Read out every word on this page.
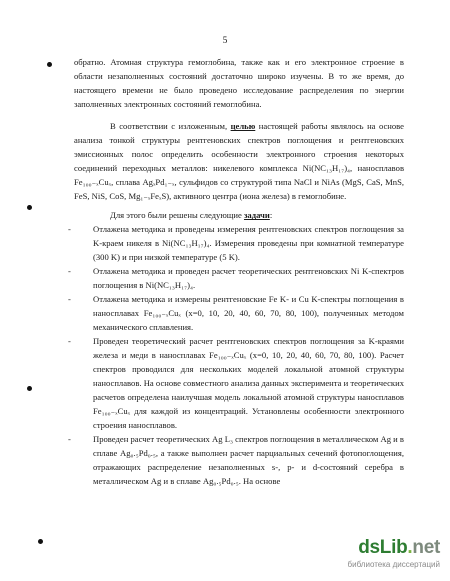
5

обратно. Атомная структура гемоглобина, также как и его электронное строение в области незаполненных состояний достаточно широко изучены. В то же время, до настоящего времени не было проведено исследование распределения по энергии заполненных электронных состояний гемоглобина.

В соответствии с изложенным, целью настоящей работы являлось на основе анализа тонкой структуры рентгеновских спектров поглощения и рентгеновских эмиссионных полос определить особенности электронного строения некоторых соединений переходных металлов: никелевого комплекса Ni(NC₁₃H₁₇)₄, наносплавов Fe₁₀₀₋ₓCuₓ, сплава AgₓPd₁₋ₓ, сульфидов со структурой типа NaCl и NiAs (MgS, CaS, MnS, FeS, NiS, CoS, Mg₁₋ₓFeₓS), активного центра (иона железа) в гемоглобине.

Для этого были решены следующие задачи:

-	Отлажена методика и проведены измерения рентгеновских спектров поглощения за K-краем никеля в Ni(NC₁₃H₁₇)₄. Измерения проведены при комнатной температуре (300 K) и при низкой температуре (5 K).
-	Отлажена методика и проведен расчет теоретических рентгеновских Ni K-спектров поглощения в Ni(NC₁₃H₁₇)₄.
-	Отлажена методика и измерены рентгеновские Fe K- и Cu K-спектры поглощения в наносплавах Fe₁₀₀₋ₓCuₓ (x=0, 10, 20, 40, 60, 70, 80, 100), полученных методом механического сплавления.
-	Проведен теоретический расчет рентгеновских спектров поглощения за K-краями железа и меди в наносплавах Fe₁₀₀₋ₓCuₓ (x=0, 10, 20, 40, 60, 70, 80, 100). Расчет спектров проводился для нескольких моделей локальной атомной структуры наносплавов. На основе совместного анализа данных эксперимента и теоретических расчетов определена наилучшая модель локальной атомной структуры наносплавов Fe₁₀₀₋ₓCuₓ для каждой из концентраций. Установлены особенности электронного строения наносплавов.
-	Проведен расчет теоретических Ag L₃ спектров поглощения в металлическом Ag и в сплаве Ag₀.₅Pd₀.₅, а также выполнен расчет парциальных сечений фотопоглощения, отражающих распределение незаполненных s-, p- и d-состояний серебра в металлическом Ag и в сплаве Ag₀.₅Pd₀.₅. На основе
dsLib.net
библиотека диссертаций
